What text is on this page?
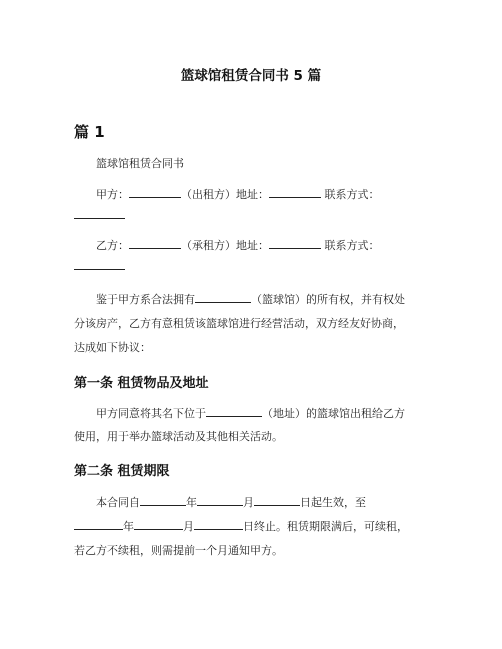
篮球馆租赁合同书 5 篇
篇 1
篮球馆租赁合同书
甲方：	（出租方）地址：	联系方式：
乙方：	（承租方）地址：	联系方式：
鉴于甲方系合法拥有	（篮球馆）的所有权，并有权处
分该房产，乙方有意租赁该篮球馆进行经营活动，双方经友好协商，
达成如下协议：
第一条 租赁物品及地址
甲方同意将其名下位于	（地址）的篮球馆出租给乙方
使用，用于举办篮球活动及其他相关活动。
第二条 租赁期限
本合同自	年	月	日起生效，至
年	月	日终止。租赁期限满后，可续租，
若乙方不续租，则需提前一个月通知甲方。
